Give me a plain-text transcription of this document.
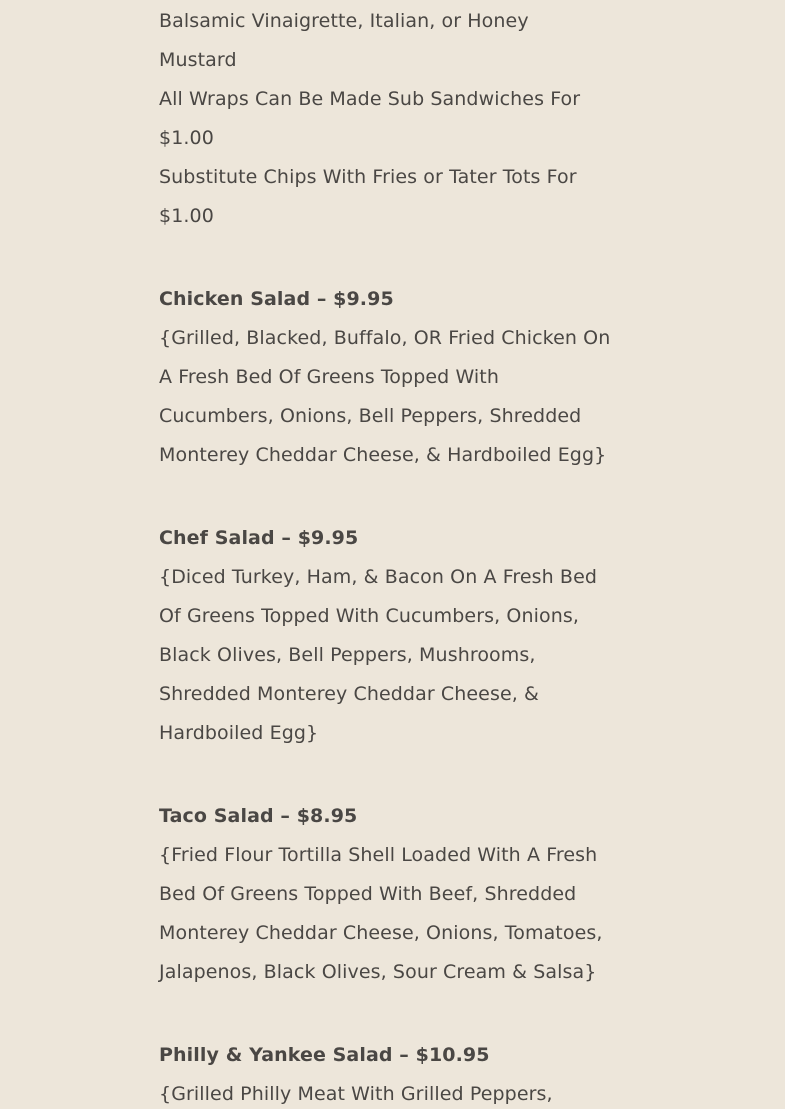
Balsamic Vinaigrette, Italian, or Honey
Mustard
All Wraps Can Be Made Sub Sandwiches For
$1.00
Substitute Chips With Fries or Tater Tots For
$1.00
Chicken Salad – $9.95
{Grilled, Blacked, Buffalo, OR Fried Chicken On
A Fresh Bed Of Greens Topped With
Cucumbers, Onions, Bell Peppers, Shredded
Monterey Cheddar Cheese, & Hardboiled Egg}
Chef Salad – $9.95
{Diced Turkey, Ham, & Bacon On A Fresh Bed
Of Greens Topped With Cucumbers, Onions,
Black Olives, Bell Peppers, Mushrooms,
Shredded Monterey Cheddar Cheese, &
Hardboiled Egg}
Taco Salad – $8.95
{Fried Flour Tortilla Shell Loaded With A Fresh
Bed Of Greens Topped With Beef, Shredded
Monterey Cheddar Cheese, Onions, Tomatoes,
Jalapenos, Black Olives, Sour Cream & Salsa}
Philly & Yankee Salad – $10.95
{Grilled Philly Meat With Grilled Peppers,
